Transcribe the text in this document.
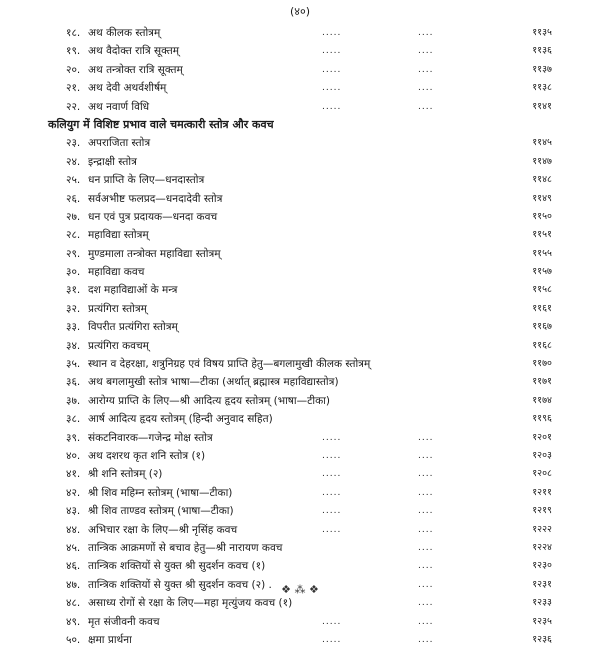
(४०)
१८. अथ कीलक स्तोत्रम्	.....	....	११३५
१९. अथ वैदोक्त रात्रि सूक्तम्	.....	....	११३६
२०. अथ तन्त्रोक्त रात्रि सूक्तम्	.....	....	११३७
२१. अथ देवी अथर्वशीर्षम्	.....	....	११३८
२२. अथ नवार्ण विधि	.....	....	११४१
कलियुग में विशिष्ट प्रभाव वाले चमत्कारी स्तोत्र और कवच
२३. अपराजिता स्तोत्र	११४५
२४. इन्द्राक्षी स्तोत्र	११४७
२५. धन प्राप्ति के लिए—धनदास्तोत्र	११४८
२६. सर्वअभीष्ट फलप्रद—धनदादेवी स्तोत्र	११४९
२७. धन एवं पुत्र प्रदायक—धनदा कवच	११५०
२८. महाविद्या स्तोत्रम्	११५१
२९. मुण्डमाला तन्त्रोक्त महाविद्या स्तोत्रम्	११५५
३०. महाविद्या कवच	११५७
३१. दश महाविद्याओं के मन्त्र	११५८
३२. प्रत्यंगिरा स्तोत्रम्	११६१
३३. विपरीत प्रत्यंगिरा स्तोत्रम्	११६७
३४. प्रत्यंगिरा कवचम्	११६८
३५. स्थान व देहरक्षा, शत्रुनिग्रह एवं विषय प्राप्ति हेतु—बगलामुखी कीलक स्तोत्रम्	११७०
३६. अथ बगलामुखी स्तोत्र भाषा—टीका (अर्थात् ब्रह्मास्त्र महाविद्यास्तोत्र)	११७१
३७. आरोग्य प्राप्ति के लिए—श्री आदित्य हृदय स्तोत्रम् (भाषा—टीका)	११७४
३८. आर्ष आदित्य हृदय स्तोत्रम् (हिन्दी अनुवाद सहित)	११९६
३९. संकटनिवारक—गजेन्द्र मोक्ष स्तोत्र	.....	....	१२०१
४०. अथ दशरथ कृत शनि स्तोत्र (१)	.....	....	१२०३
४१. श्री शनि स्तोत्रम् (२)	.....	....	१२०८
४२. श्री शिव महिम्न स्तोत्रम् (भाषा—टीका)	.....	....	१२११
४३. श्री शिव ताण्डव स्तोत्रम् (भाषा—टीका)	.....	....	१२१९
४४. अभिचार रक्षा के लिए—श्री नृसिंह कवच	.....	....	१२२२
४५. तान्त्रिक आक्रमणों से बचाव हेतु—श्री नारायण कवच	....	१२२४
४६. तान्त्रिक शक्तियों से युक्त श्री सुदर्शन कवच (१)	....	१२३०
४७. तान्त्रिक शक्तियों से युक्त श्री सुदर्शन कवच (२) .	....	१२३१
४८. असाध्य रोगों से रक्षा के लिए—महा मृत्युंजय कवच (१)	....	१२३३
४९. मृत संजीवनी कवच	.....	....	१२३५
५०. क्षमा प्रार्थना	.....	....	१२३६
❖ ⁂ ❖
